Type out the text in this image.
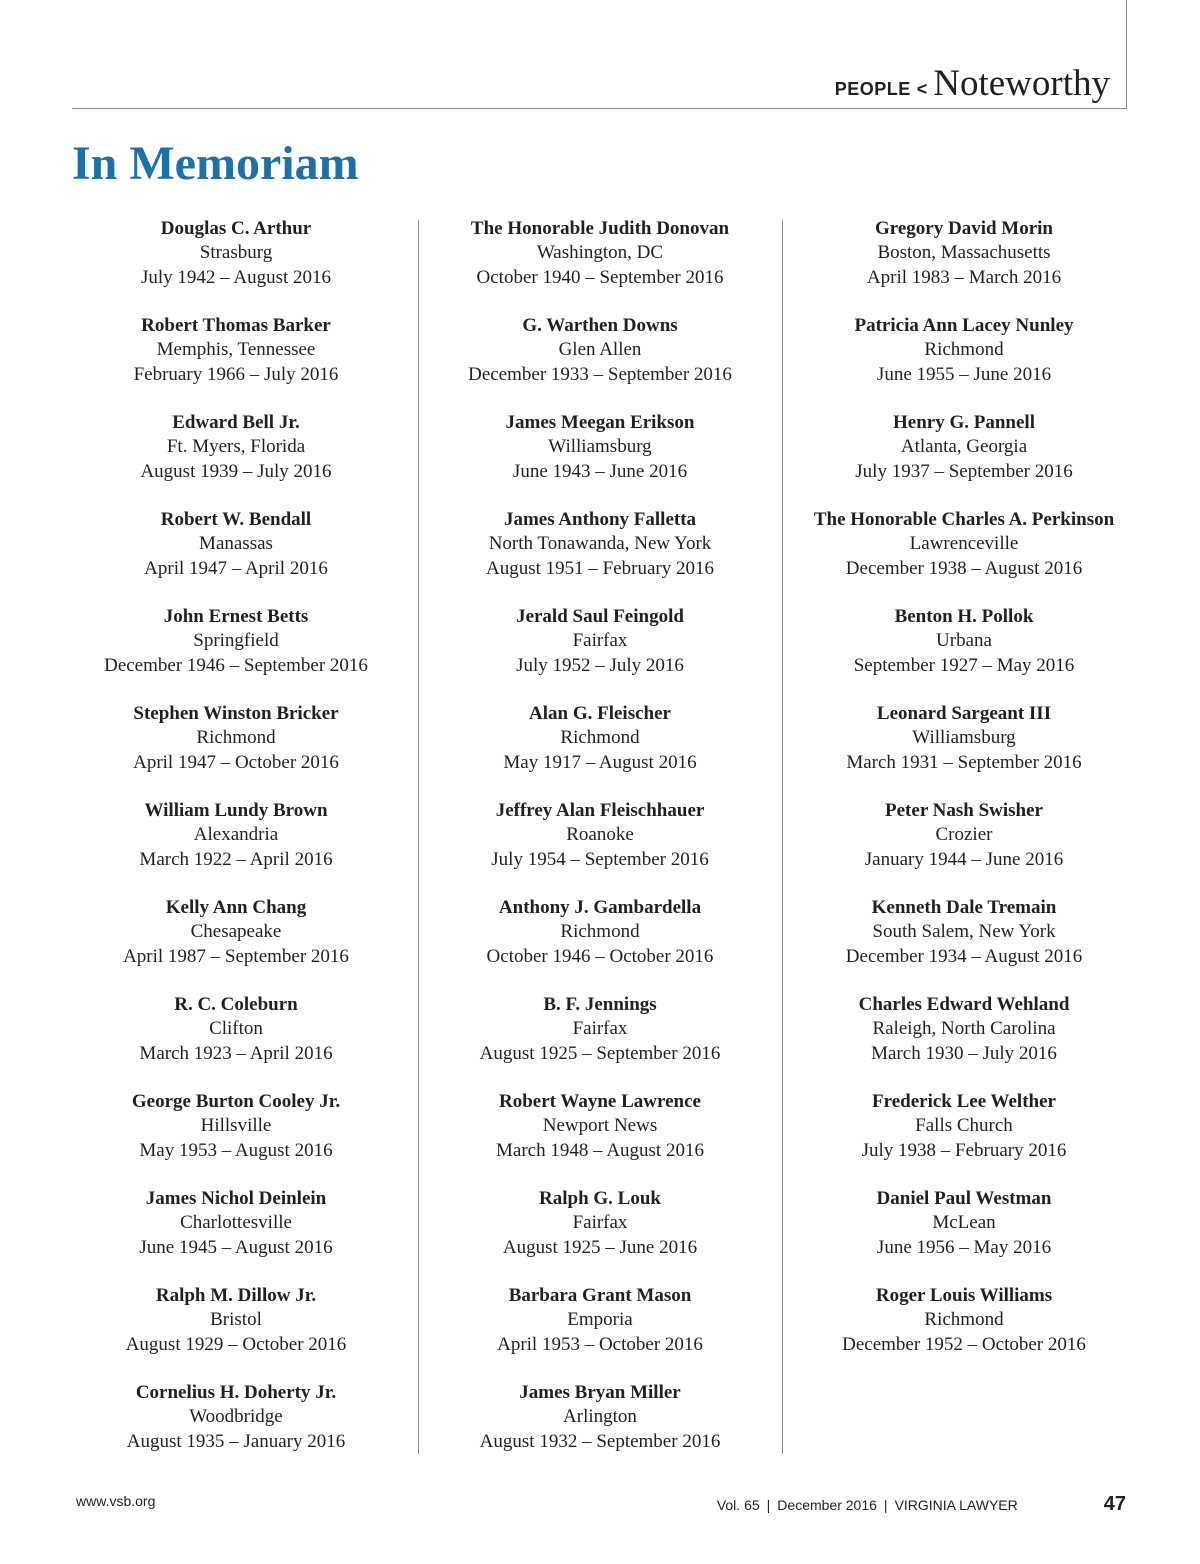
PEOPLE < Noteworthy
In Memoriam
Douglas C. Arthur
Strasburg
July 1942 – August 2016
Robert Thomas Barker
Memphis, Tennessee
February 1966 – July 2016
Edward Bell Jr.
Ft. Myers, Florida
August 1939 – July 2016
Robert W. Bendall
Manassas
April 1947 – April 2016
John Ernest Betts
Springfield
December 1946 – September 2016
Stephen Winston Bricker
Richmond
April 1947 – October 2016
William Lundy Brown
Alexandria
March 1922 – April 2016
Kelly Ann Chang
Chesapeake
April 1987 – September 2016
R. C. Coleburn
Clifton
March 1923 – April 2016
George Burton Cooley Jr.
Hillsville
May 1953 – August 2016
James Nichol Deinlein
Charlottesville
June 1945 – August 2016
Ralph M. Dillow Jr.
Bristol
August 1929 – October 2016
Cornelius H. Doherty Jr.
Woodbridge
August 1935 – January 2016
The Honorable Judith Donovan
Washington, DC
October 1940 – September 2016
G. Warthen Downs
Glen Allen
December 1933 – September 2016
James Meegan Erikson
Williamsburg
June 1943 – June 2016
James Anthony Falletta
North Tonawanda, New York
August 1951 – February 2016
Jerald Saul Feingold
Fairfax
July 1952 – July 2016
Alan G. Fleischer
Richmond
May 1917 – August 2016
Jeffrey Alan Fleischhauer
Roanoke
July 1954 – September 2016
Anthony J. Gambardella
Richmond
October 1946 – October 2016
B. F. Jennings
Fairfax
August 1925 – September 2016
Robert Wayne Lawrence
Newport News
March 1948 – August 2016
Ralph G. Louk
Fairfax
August 1925 – June 2016
Barbara Grant Mason
Emporia
April 1953 – October 2016
James Bryan Miller
Arlington
August 1932 – September 2016
Gregory David Morin
Boston, Massachusetts
April 1983 – March 2016
Patricia Ann Lacey Nunley
Richmond
June 1955 – June 2016
Henry G. Pannell
Atlanta, Georgia
July 1937 – September 2016
The Honorable Charles A. Perkinson
Lawrenceville
December 1938 – August 2016
Benton H. Pollok
Urbana
September 1927 – May 2016
Leonard Sargeant III
Williamsburg
March 1931 – September 2016
Peter Nash Swisher
Crozier
January 1944 – June 2016
Kenneth Dale Tremain
South Salem, New York
December 1934 – August 2016
Charles Edward Wehland
Raleigh, North Carolina
March 1930 – July 2016
Frederick Lee Welther
Falls Church
July 1938 – February 2016
Daniel Paul Westman
McLean
June 1956 – May 2016
Roger Louis Williams
Richmond
December 1952 – October 2016
www.vsb.org	Vol. 65 | December 2016 | VIRGINIA LAWYER	47
